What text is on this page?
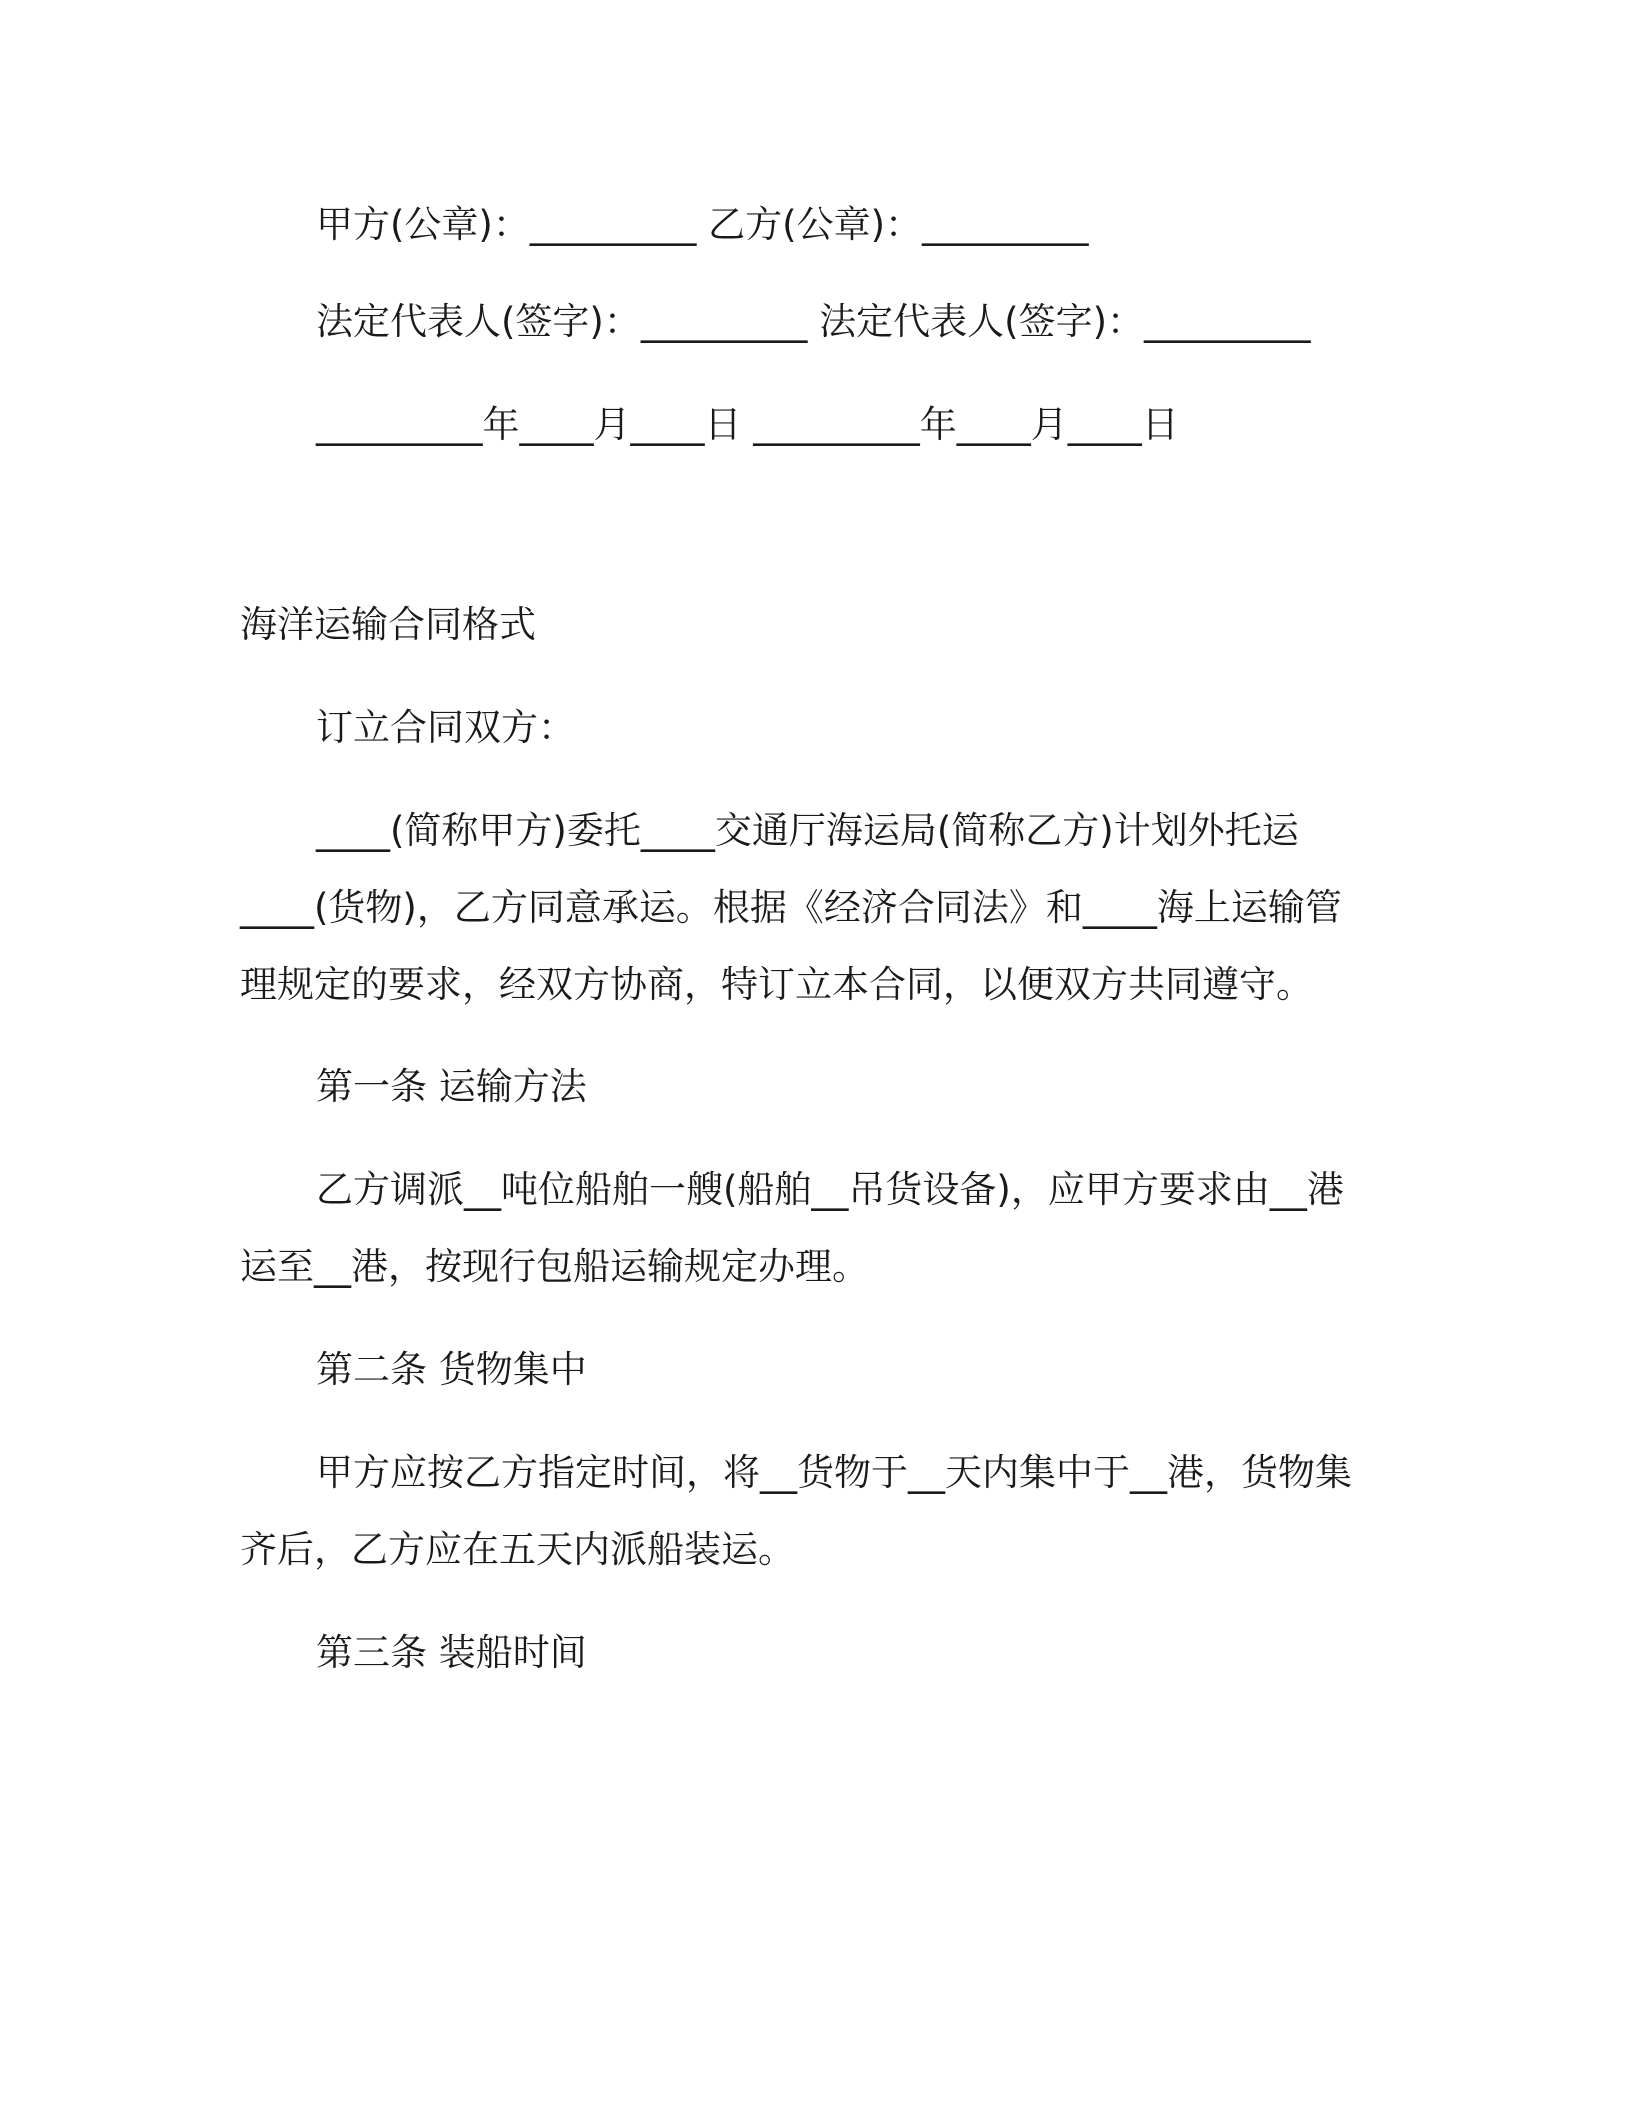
甲方(公章)：_________ 乙方(公章)：_________
法定代表人(签字)：_________ 法定代表人(签字)：_________
_________年____月____日 _________年____月____日
海洋运输合同格式
订立合同双方：
____(简称甲方)委托____交通厅海运局(简称乙方)计划外托运
____(货物)，乙方同意承运。根据《经济合同法》和____海上运输管
理规定的要求，经双方协商，特订立本合同，以便双方共同遵守。
第一条 运输方法
乙方调派__吨位船舶一艘(船舶__吊货设备)，应甲方要求由__港
运至__港，按现行包船运输规定办理。
第二条 货物集中
甲方应按乙方指定时间，将__货物于__天内集中于__港，货物集
齐后，乙方应在五天内派船装运。
第三条 装船时间
